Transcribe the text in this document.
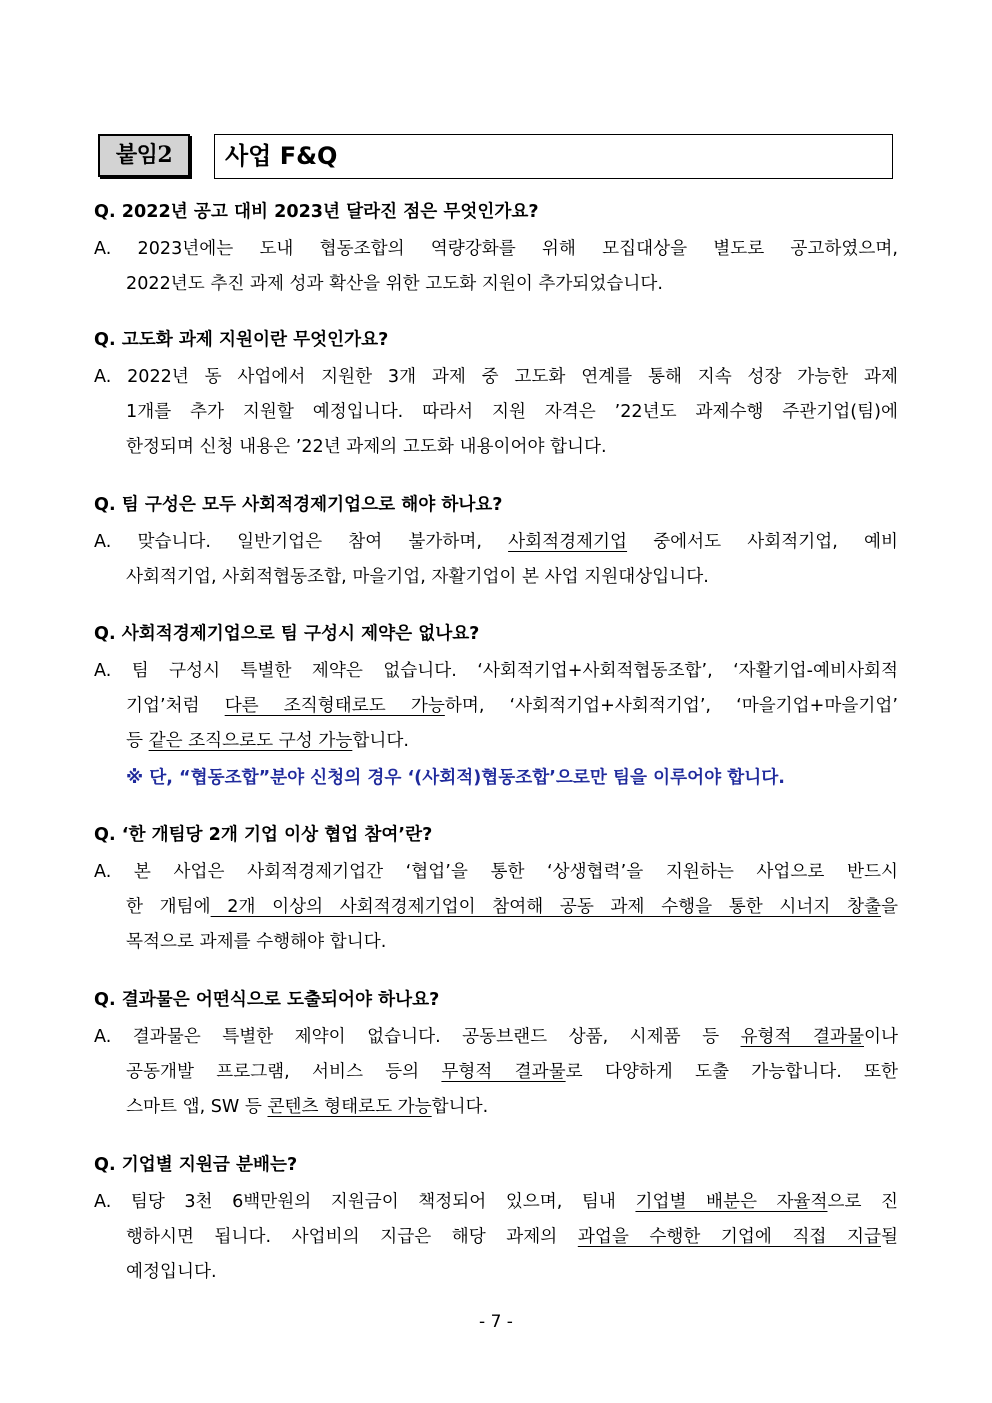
붙임2	사업 F&Q
Q. 2022년 공고 대비 2023년 달라진 점은 무엇인가요?
A. 2023년에는 도내 협동조합의 역량강화를 위해 모집대상을 별도로 공고하였으며,
2022년도 추진 과제 성과 확산을 위한 고도화 지원이 추가되었습니다.
Q. 고도화 과제 지원이란 무엇인가요?
A. 2022년 동 사업에서 지원한 3개 과제 중 고도화 연계를 통해 지속 성장 가능한 과제
1개를 추가 지원할 예정입니다. 따라서 지원 자격은 ’22년도 과제수행 주관기업(팀)에
한정되며 신청 내용은 ’22년 과제의 고도화 내용이어야 합니다.
Q. 팀 구성은 모두 사회적경제기업으로 해야 하나요?
A. 맞습니다. 일반기업은 참여 불가하며, 사회적경제기업 중에서도 사회적기업, 예비
사회적기업, 사회적협동조합, 마을기업, 자활기업이 본 사업 지원대상입니다.
Q. 사회적경제기업으로 팀 구성시 제약은 없나요?
A. 팀 구성시 특별한 제약은 없습니다. ‘사회적기업+사회적협동조합’, ‘자활기업-예비사회적
기업’처럼 다른 조직형태로도 가능하며, ‘사회적기업+사회적기업’, ‘마을기업+마을기업’
등 같은 조직으로도 구성 가능합니다.
※ 단, “협동조합”분야 신청의 경우 ‘(사회적)협동조합’으로만 팀을 이루어야 합니다.
Q. ‘한 개팀당 2개 기업 이상 협업 참여’란?
A. 본 사업은 사회적경제기업간 ‘협업’을 통한 ‘상생협력’을 지원하는 사업으로 반드시
한 개팀에 2개 이상의 사회적경제기업이 참여해 공동 과제 수행을 통한 시너지 창출을
목적으로 과제를 수행해야 합니다.
Q. 결과물은 어떤식으로 도출되어야 하나요?
A. 결과물은 특별한 제약이 없습니다. 공동브랜드 상품, 시제품 등 유형적 결과물이나
공동개발 프로그램, 서비스 등의 무형적 결과물로 다양하게 도출 가능합니다. 또한
스마트 앱, SW 등 콘텐츠 형태로도 가능합니다.
Q. 기업별 지원금 분배는?
A. 팀당 3천 6백만원의 지원금이 책정되어 있으며, 팀내 기업별 배분은 자율적으로 진
행하시면 됩니다. 사업비의 지급은 해당 과제의 과업을 수행한 기업에 직접 지급될
예정입니다.
- 7 -
